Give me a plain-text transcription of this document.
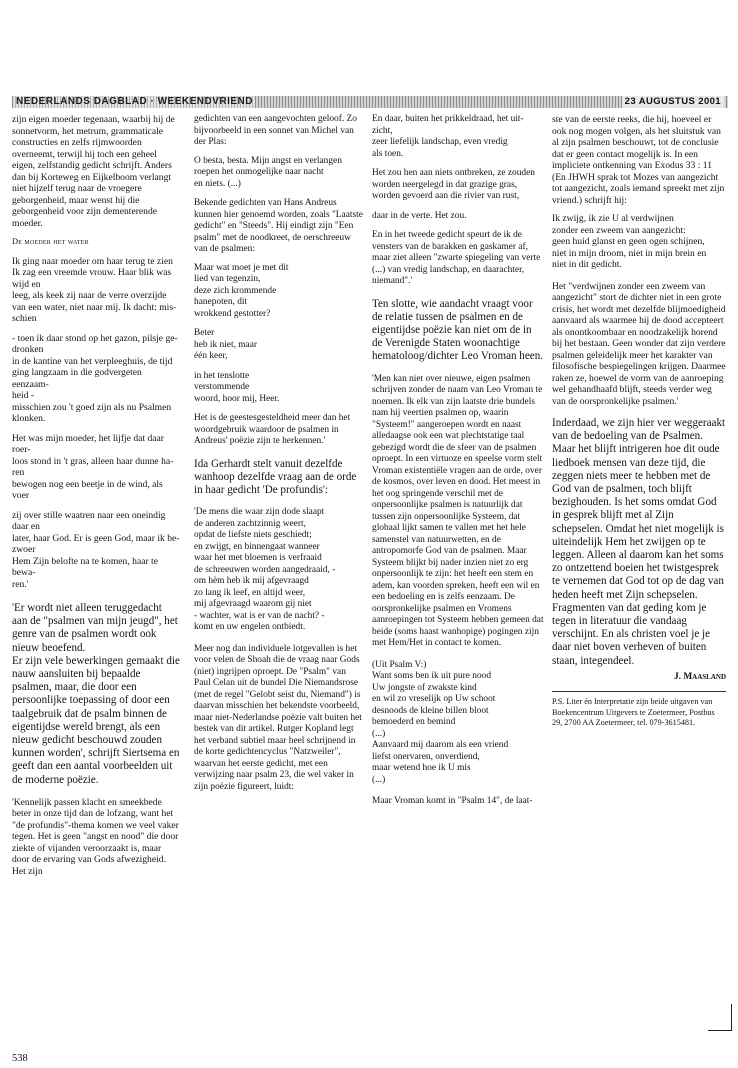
NEDERLANDS DAGBLAD · WEEKENDVRIEND	23 AUGUSTUS 2001

zijn eigen moeder tegenaan, waarbij hij de sonnetvorm, het metrum, grammaticale constructies en zelfs rijmwoorden overneemt, terwijl hij toch een geheel eigen, zelfstandig gedicht schrijft. Anders dan bij Kortewеg en Eijkelboom verlangt niet hijzelf terug naar de vroegere geborgenheid, maar wenst hij die geborgenheid voor zijn dementerende moeder.

De moeder het water
Ik ging naar moeder om haar terug te zien
Ik zag een vreemde vrouw. Haar blik was
wijd en
leeg, als keek zij naar de verre overzijde
van een water, niet naar mij. Ik dacht: mis-
schien
- toen ik daar stond op het gazon, pilsje ge-
dronken
in de kantine van het verpleeghuis, de tijd
ging langzaam in die godvergeten eenzaam-
heid -
misschien zou 't goed zijn als nu Psalmen
klonken.
Het was mijn moeder, het lijfje dat daar
roer-
loos stond in 't gras, alleen haar dunne ha-
ren
bewogen nog een beetje in de wind, als voer
zij over stille waatren naar een oneindig
daar en
later, haar God. Er is geen God, maar ik be-
zwoer
Hem Zijn belofte na te komen, haar te bewa-
ren.'

'Er wordt niet alleen teruggedacht aan de "psalmen van mijn jeugd", het genre van de psalmen wordt ook nieuw beoefend.

Er zijn vele bewerkingen gemaakt die nauw aansluiten bij bepaalde psalmen, maar, die door een persoonlijke toepassing of door een taalgebruik dat de psalm binnen de eigentijdse wereld brengt, als een nieuw gedicht beschouwd zouden kunnen worden', schrijft Siertsema en geeft dan een aantal voorbeelden uit de moderne poëzie.

'Kennelijk passen klacht en smeekbede beter in onze tijd dan de lofzang, want het "de profundis"-thema komen we veel vaker tegen. Het is geen "angst en nood" die door ziekte of vijanden veroorzaakt is, maar door de ervaring van Gods afwezigheid. Het zijn

gedichten van een aangevochten geloof. Zo bijvoorbeeld in een sonnet van Michel van der Plas:

O besta, besta. Mijn angst en verlangen
roepen het onmogelijke naar nacht
en niets. (...)

Bekende gedichten van Hans Andreus kunnen hier genoemd worden, zoals "Laatste gedicht" en "Steeds". Hij eindigt zijn "Een psalm" met de noodkreet, de oerschreeuw van de psalmen:

Maar wat moet je met dit
lied van tegenzin,
deze zich krommende
hanepoten, dit
wrokkend gestotter?
Beter
heb ik niet, maar
één keer,
in het tenslotte
verstommende
woord, hoor mij, Heer.

Het is de geestesgesteldheid meer dan het woordgebruik waardoor de psalmen in Andreus' poëzie zijn te herkennen.'

Ida Gerhardt stelt vanuit dezelfde wanhoop dezelfde vraag aan de orde in haar gedicht 'De profundis':

'De mens die waar zijn dode slaapt
de anderen zachtzinnig weert,
opdat de liefste niets geschiedt;
en zwijgt, en binnengaat wanneer
waar het met bloemen is verfraaid
de schreeuwen worden aangedraaid, -
om hèm heb ik mij afgevraagd
zo lang ik leef, en altijd weer,
mij afgevraagd waarom gij niet
- wachter, wat is er van de nacht? -
komt en uw engelen ontbiedt.

Meer nog dan individuele lotgevallen is het voor velen de Shoah die de vraag naar Gods (niet) ingrijpen oproept. De "Psalm" van Paul Celan uit de bundel Die Niemandsrose (met de regel "Gelobt seist du, Niemand") is daarvan misschien het bekendste voorbeeld, maar niet-Nederlandse poëzie valt buiten het bestek van dit artikel. Rutger Kopland legt het verband subtiel maar heel schrijnend in de korte gedichtencyclus "Natzweiler", waarvan het eerste gedicht, met een verwijzing naar psalm 23, die wel vaker in zijn poëzie figureert, luidt:

En daar, buiten het prikkeldraad, het uit-
zicht,
zeer liefelijk landschap, even vredig
als toen.
Het zou hen aan niets ontbreken, ze zouden
worden neergelegd in dat grazige gras,
worden gevoerd aan die rivier van rust,
daar in de verte. Het zou.

En in het tweede gedicht speurt de ik de vensters van de barakken en gaskamer af, maar ziet alleen "zwarte spiegeling van verte (...) van vredig landschap, en daarachter, niemand".'

Ten slotte, wie aandacht vraagt voor de relatie tussen de psalmen en de eigentijdse poëzie kan niet om de in de Verenigde Staten woonachtige hematoloog/dichter Leo Vroman heen.

'Men kan niet over nieuwe, eigen psalmen schrijven zonder de naam van Leo Vroman te noemen. Ik elk van zijn laatste drie bundels nam hij veertien psalmen op, waarin "Systeem!" aangeroepen wordt en naast alledaagse ook een wat plechtstatige taal gebezigd wordt die de sfeer van de psalmen oproept. In een virtuoze en speelse vorm stelt Vroman existentiële vragen aan de orde, over de kosmos, over leven en dood. Het meest in het oog springende verschil met de onpersoonlijke psalmen is natuurlijk dat tussen zijn onpersoonlijke Systeem, dat globaal lijkt samen te vallen met het hele samenstel van natuurwetten, en de antropomorfe God van de psalmen. Maar Systeem blijkt bij nader inzien niet zo erg onpersoonlijk te zijn: het heeft een stem en adem, kan voorden spreken, heeft een wil en een bedoeling en is zelfs eenzaam. De oorspronkelijke psalmen en Vromens aanroepingen tot Systeem hebben gemeen dat beide (soms haast wanhopige) pogingen zijn met Hem/Het in contact te komen.

(Uit Psalm V:)
Want soms ben ik uit pure nood
Uw jongste of zwakste kind
en wil zo vreselijk op Uw schoot
desnoods de kleine billen bloot
bemoederd en bemind
(...)
Aanvaard mij daarom als een vriend
liefst onervaren, onverdiend,
maar wetend hoe ik U mis
(...)

Maar Vroman komt in "Psalm 14", de laat-

ste van de eerste reeks, die hij, hoeveel er ook nog mogen volgen, als het sluitstuk van al zijn psalmen beschouwt, tot de conclusie dat er geen contact mogelijk is. In een impliciete ontkenning van Exodus 33 : 11 (En JHWH sprak tot Mozes van aangezicht tot aangezicht, zoals iemand spreekt met zijn vriend.) schrijft hij:

Ik zwijg, ik zie U al verdwijnen
zonder een zweem van aangezicht:
geen huid glanst en geen ogen schijnen,
niet in mijn droom, niet in mijn brein en
niet in dit gedicht.

Het "verdwijnen zonder een zweem van aangezicht" stort de dichter niet in een grote crisis, het wordt met dezelfde blijmoedigheid aanvaard als waarmee hij de dood accepteert als onontkoombaar en noodzakelijk horend bij het bestaan. Geen wonder dat zijn verdere psalmen geleidelijk meer het karakter van filosofische bespiegelingen krijgen. Daarmee raken ze, hoewel de vorm van de aanroeping wel gehandhaafd blijft, steeds verder weg van de oorspronkelijke psalmen.'

Inderdaad, we zijn hier ver weggeraakt van de bedoeling van de Psalmen. Maar het blijft intrigeren hoe dit oude liedboek mensen van deze tijd, die zeggen niets meer te hebben met de God van de psalmen, toch blijft bezighouden. Is het soms omdat God in gesprek blijft met al Zijn schepselen. Omdat het niet mogelijk is uiteindelijk Hem het zwijgen op te leggen. Alleen al daarom kan het soms zo ontzettend boeien het twistgesprek te vernemen dat God tot op de dag van heden heeft met Zijn schepselen. Fragmenten van dat geding kom je tegen in literatuur die vandaag verschijnt. En als christen voel je je daar niet boven verheven of buiten staan, integendeel.

J. Maasland

P.S. Liter én Interpretatie zijn beide uitgaven van Boekencentrum Uitgevers te Zoetermeer, Postbus 29, 2700 AA Zoetermeer, tel. 079-3615481.

538
